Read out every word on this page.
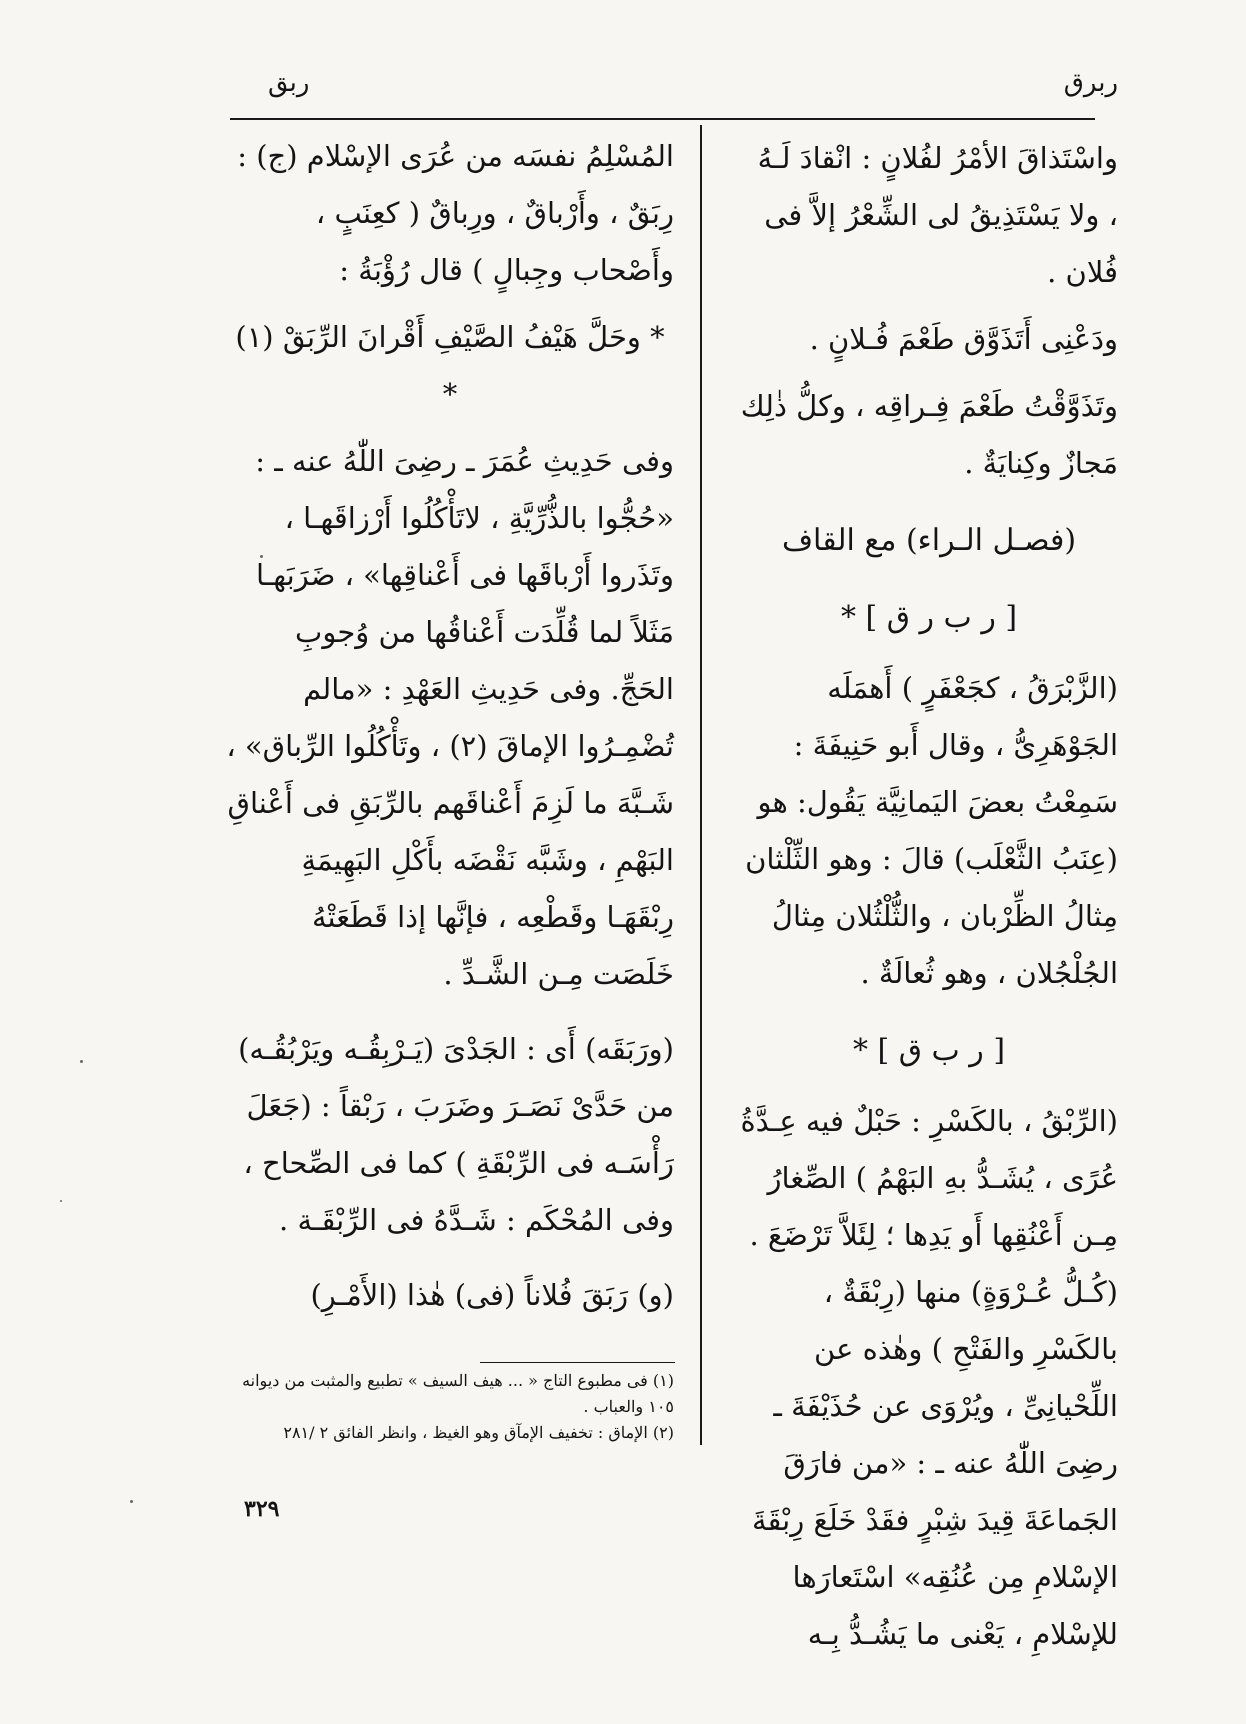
ربرق
ربق

واسْتَذاقَ الأمْرُ لفُلانٍ : انْقادَ لَـهُ ، ولا يَسْتَذِيقُ لى الشِّعْرُ إلاَّ فى فُلان .

ودَعْنِى أَتَذَوَّق طَعْمَ فُـلانٍ .

وتَذَوَّقْتُ طَعْمَ فِـراقِه ، وكلُّ ذٰلِك مَجازٌ وكِنايَةٌ .

(فصـل الـراء) مع القاف
[ ر ب ر ق ] *

(الزَّبْرَقُ ، كجَعْفَرٍ ) أَهمَلَه الجَوْهَرِىُّ ، وقال أَبو حَنِيفَةَ : سَمِعْتُ بعضَ اليَمانِيَّة يَقُول: هو (عِنَبُ الثَّعْلَب) قالَ : وهو الثِّلْثان مِثالُ الظِّرْبان ، والثُّلْثُلان مِثالُ الجُلْجُلان ، وهو ثُعالَةٌ .

[ ر ب ق ] *

(الرِّبْقُ ، بالكَسْرِ : حَبْلٌ فيه عِـدَّةُ عُرًى ، يُشَـدُّ بهِ البَهْمُ ) الصِّغارُ مِـن أَعْنُقِها أَو يَدِها ؛ لِئَلاَّ تَرْضَعَ . (كُـلُّ عُـرْوَةٍ) منها (رِبْقَةٌ ، بالكَسْرِ والفَتْحِ ) وهٰذه عن اللِّحْيانِىِّ ، ويُرْوَى عن حُذَيْفَةَ ـ رضِىَ اللّٰهُ عنه ـ : «من فارَقَ الجَماعَةَ قِيدَ شِبْرٍ فقَدْ خَلَعَ رِبْقَةَ الإسْلامِ مِن عُنُقِه» اسْتَعارَها للإسْلامِ ، يَعْنى ما يَشُـدُّ بِـه

المُسْلِمُ نفسَه من عُرَى الإسْلام (ج) : رِبَقٌ ، وأَرْباقٌ ، ورِباقٌ ( كعِنَبٍ ، وأَصْحاب وجِبالٍ ) قال رُؤْبَةُ :

* وحَلَّ هَيْفُ الصَّيْفِ أَقْرانَ الرِّبَقْ (١) *

وفى حَدِيثِ عُمَرَ ـ رضِىَ اللّٰهُ عنه ـ : «حُجُّوا بالذُّرِّيَّةِ ، لاتَأْكُلُوا أَرْزاقَهـا ، وتَذَروا أَرْباقَها فى أَعْناقِها» ، ضَرَبَهـا مَثَلاً لما قُلِّدَت أَعْناقُها من وُجوبِ الحَجِّ. وفى حَدِيثِ العَهْدِ : «مالم تُضْمِـرُوا الإماقَ (٢) ، وتَأْكُلُوا الرِّباق» ، شَـبَّهَ ما لَزِمَ أَعْناقَهم بالرِّبَقِ فى أَعْناقِ البَهْمِ ، وشَبَّه نَقْضَه بأَكْلِ البَهِيمَةِ رِبْقَهَـا وقَطْعِه ، فإنَّها إذا قَطَعَتْهُ خَلَصَت مِـن الشَّـدِّ .

(ورَبَقَه) أَى : الجَدْىَ (يَـرْبِقُـه ويَرْبُقُـه) من حَدَّىْ نَصَـرَ وضَرَبَ ، رَبْقاً : (جَعَلَ رَأْسَـه فى الرِّبْقَةِ ) كما فى الصِّحاح ، وفى المُحْكَم : شَـدَّهُ فى الرِّبْقَـة .

(و) رَبَقَ فُلاناً (فى) هٰذا (الأَمْـرِ)

(١) فى مطبوع التاج « ... هيف السيف » تطبيع والمثبت من ديوانه ١٠٥ والعباب .

(٢) الإماق : تخفيف الإمآق وهو الغيظ ، وانظر الفائق ٢ /٢٨١

٣٢٩
